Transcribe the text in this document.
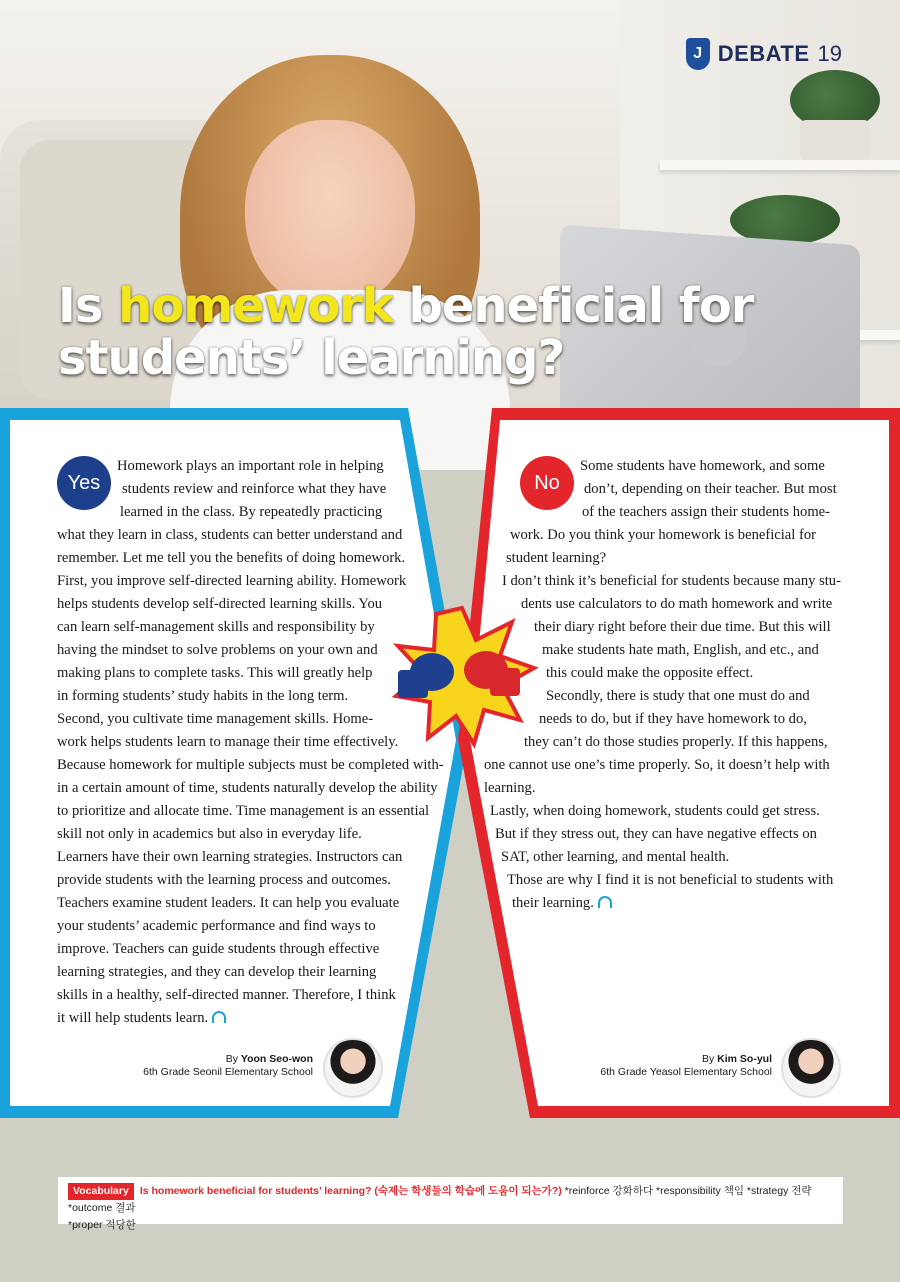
J DEBATE 19
Is homework beneficial for
students’ learning?
Yes	No
Homework plays an important role in helping
students review and reinforce what they have
learned in the class. By repeatedly practicing
what they learn in class, students can better understand and
remember. Let me tell you the benefits of doing homework.
First, you improve self-directed learning ability. Homework
helps students develop self-directed learning skills. You
can learn self-management skills and responsibility by
having the mindset to solve problems on your own and
making plans to complete tasks. This will greatly help
in forming students’ study habits in the long term.
Second, you cultivate time management skills. Home-
work helps students learn to manage their time effectively.
Because homework for multiple subjects must be completed with-
in a certain amount of time, students naturally develop the ability
to prioritize and allocate time. Time management is an essential
skill not only in academics but also in everyday life.
Learners have their own learning strategies. Instructors can
provide students with the learning process and outcomes.
Teachers examine student leaders. It can help you evaluate
your students’ academic performance and find ways to
improve. Teachers can guide students through effective
learning strategies, and they can develop their learning
skills in a healthy, self-directed manner. Therefore, I think
it will help students learn.
Some students have homework, and some
don’t, depending on their teacher. But most
of the teachers assign their students home-
work. Do you think your homework is beneficial for
student learning?
I don’t think it’s beneficial for students because many stu-
dents use calculators to do math homework and write
their diary right before their due time. But this will
make students hate math, English, and etc., and
this could make the opposite effect.
Secondly, there is study that one must do and
needs to do, but if they have homework to do,
they can’t do those studies properly. If this happens,
one cannot use one’s time properly. So, it doesn’t help with
learning.
Lastly, when doing homework, students could get stress.
But if they stress out, they can have negative effects on
SAT, other learning, and mental health.
Those are why I find it is not beneficial to students with
their learning.
By Yoon Seo-won
6th Grade Seonil Elementary School
By Kim So-yul
6th Grade Yeasol Elementary School
Vocabulary Is homework beneficial for students’ learning? (숙제는 학생들의 학습에 도움이 되는가?) *reinforce 강화하다 *responsibility 책임 *strategy 전략 *outcome 결과
*proper 적당한
